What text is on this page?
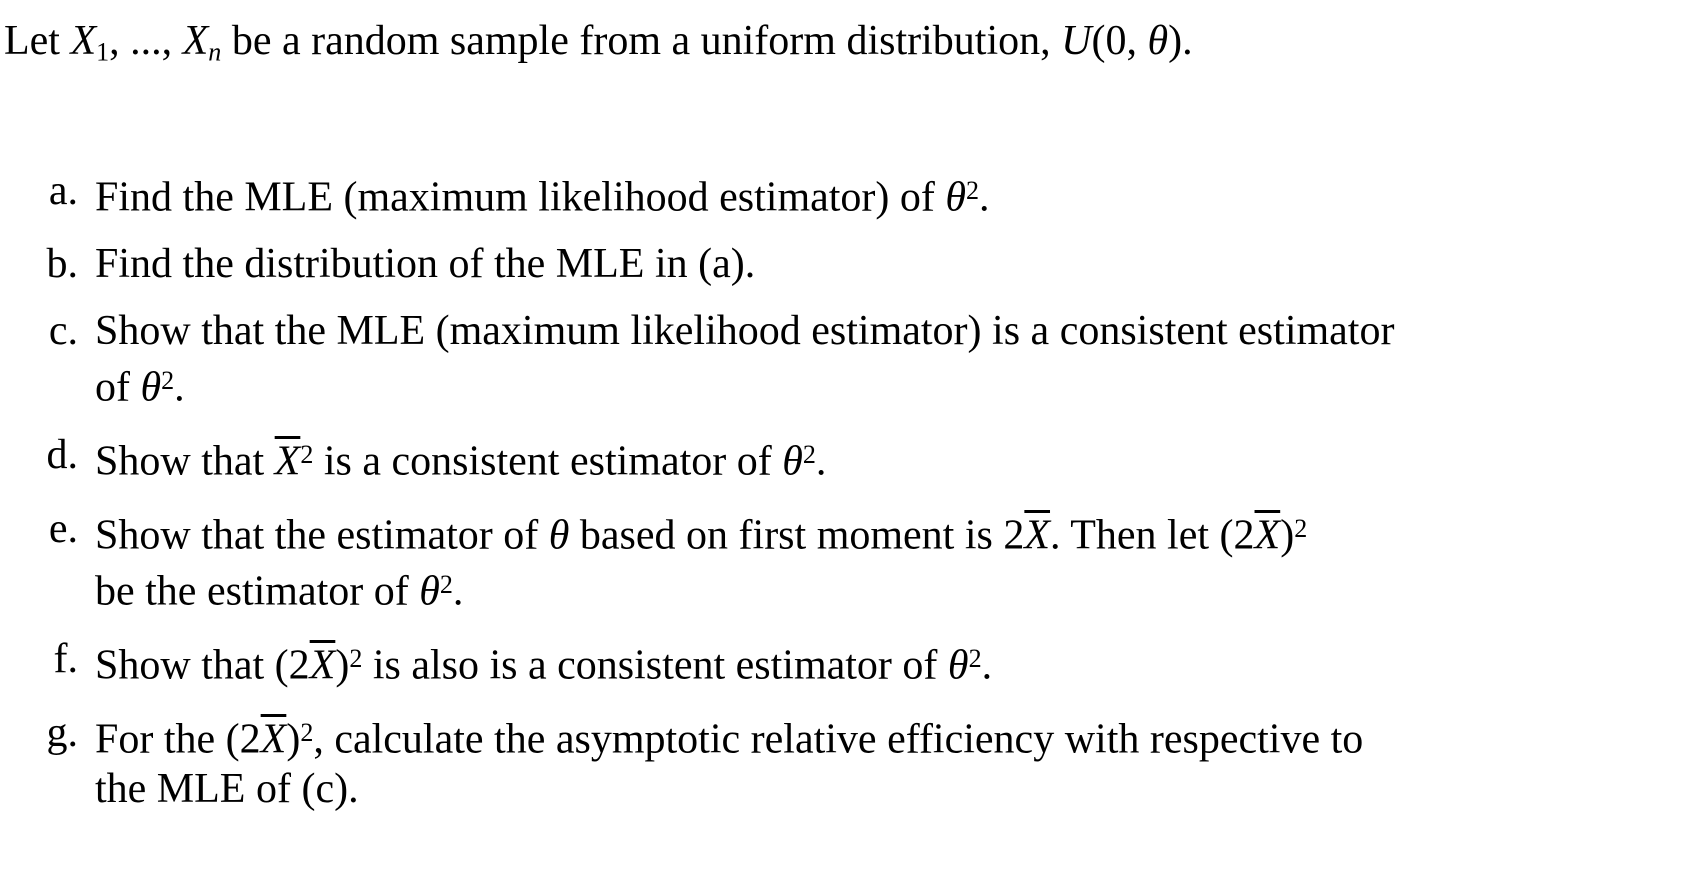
Let X1, ..., Xn be a random sample from a uniform distribution, U(0, θ).

a. Find the MLE (maximum likelihood estimator) of $\theta^2$.
b. Find the distribution of the MLE in (a).
c. Show that the MLE (maximum likelihood estimator) is a consistent estimator
of $\theta^2$.
d. Show that $\overline{X}^2$ is a consistent estimator of $\theta^2$.
e. Show that the estimator of θ based on first moment is $2\overline{X}$. Then let $(2\overline{X})^2$
be the estimator of $\theta^2$.
f. Show that $(2\overline{X})^2$ is also is a consistent estimator of $\theta^2$.
g. For the $(2\overline{X})^2$, calculate the asymptotic relative efficiency with respective to
the MLE of (c).
